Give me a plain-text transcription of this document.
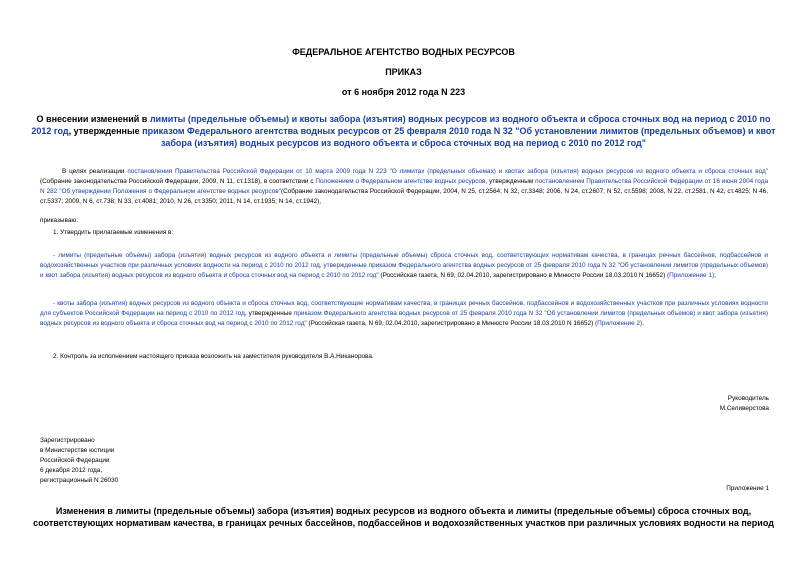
ФЕДЕРАЛЬНОЕ АГЕНТСТВО ВОДНЫХ РЕСУРСОВ
ПРИКАЗ
от 6 ноября 2012 года N 223
О внесении изменений в лимиты (предельные объемы) и квоты забора (изъятия) водных ресурсов из водного объекта и сброса сточных вод на период с 2010 по 2012 год, утвержденные приказом Федерального агентства водных ресурсов от 25 февраля 2010 года N 32 "Об установлении лимитов (предельных объемов) и квот забора (изъятия) водных ресурсов из водного объекта и сброса сточных вод на период с 2010 по 2012 год"
В целях реализации постановления Правительства Российской Федерации от 10 марта 2009 года N 223 "О лимитах (предельных объемах) и квотах забора (изъятия) водных ресурсов из водного объекта и сброса сточных вод" (Собрание законодательства Российской Федерации, 2009, N 11, ст.1318), в соответствии с Положением о Федеральном агентстве водных ресурсов, утвержденным постановлением Правительства Российской Федерации от 16 июня 2004 года N 282 "Об утверждении Положения о Федеральном агентстве водных ресурсов"(Собрание законодательства Российской Федерации, 2004, N 25, ст.2564; N 32, ст.3348; 2006, N 24, ст.2607; N 52, ст.5598; 2008, N 22, ст.2581, N 42, ст.4825; N 46, ст.5337; 2009, N 6, ст.738; N 33, ст.4081; 2010, N 26, ст.3350; 2011, N 14, ст.1935; N 14, ст.1942),
приказываю:
1. Утвердить прилагаемые изменения в:
- лимиты (предельные объемы) забора (изъятия) водных ресурсов из водного объекта и лимиты (предельные объемы) сброса сточных вод, соответствующих нормативам качества, в границах речных бассейнов, подбассейнов и водохозяйственных участков при различных условиях водности на период с 2010 по 2012 год, утвержденные приказом Федерального агентства водных ресурсов от 25 февраля 2010 года N 32 "Об установлении лимитов (предельных объемов) и квот забора (изъятия) водных ресурсов из водного объекта и сброса сточных вод на период с 2010 по 2012 год" (Российская газета, N 69, 02.04.2010, зарегистрировано в Минюсте России 18.03.2010 N 16652) (Приложение 1);
- квоты забора (изъятия) водных ресурсов из водного объекта и сброса сточных вод, соответствующие нормативам качества, в границах речных бассейнов, подбассейнов и водохозяйственных участков при различных условиях водности для субъектов Российской Федерации на период с 2010 по 2012 год, утвержденные приказом Федерального агентства водных ресурсов от 25 февраля 2010 года N 32 "Об установлении лимитов (предельных объемов) и квот забора (изъятия) водных ресурсов из водного объекта и сброса сточных вод на период с 2010 по 2012 год" (Российская газета, N 69, 02.04.2010, зарегистрировано в Минюсте России 18.03.2010 N 16652) (Приложение 2).
2. Контроль за исполнением настоящего приказа возложить на заместителя руководителя В.А.Никанорова.
Руководитель
М.Селиверстова
Зарегистрировано
в Министерстве юстиции
Российской Федерации
6 декабря 2012 года,
регистрационный N 26030
Приложение 1
Изменения в лимиты (предельные объемы) забора (изъятия) водных ресурсов из водного объекта и лимиты (предельные объемы) сброса сточных вод, соответствующих нормативам качества, в границах речных бассейнов, подбассейнов и водохозяйственных участков при различных условиях водности на период
